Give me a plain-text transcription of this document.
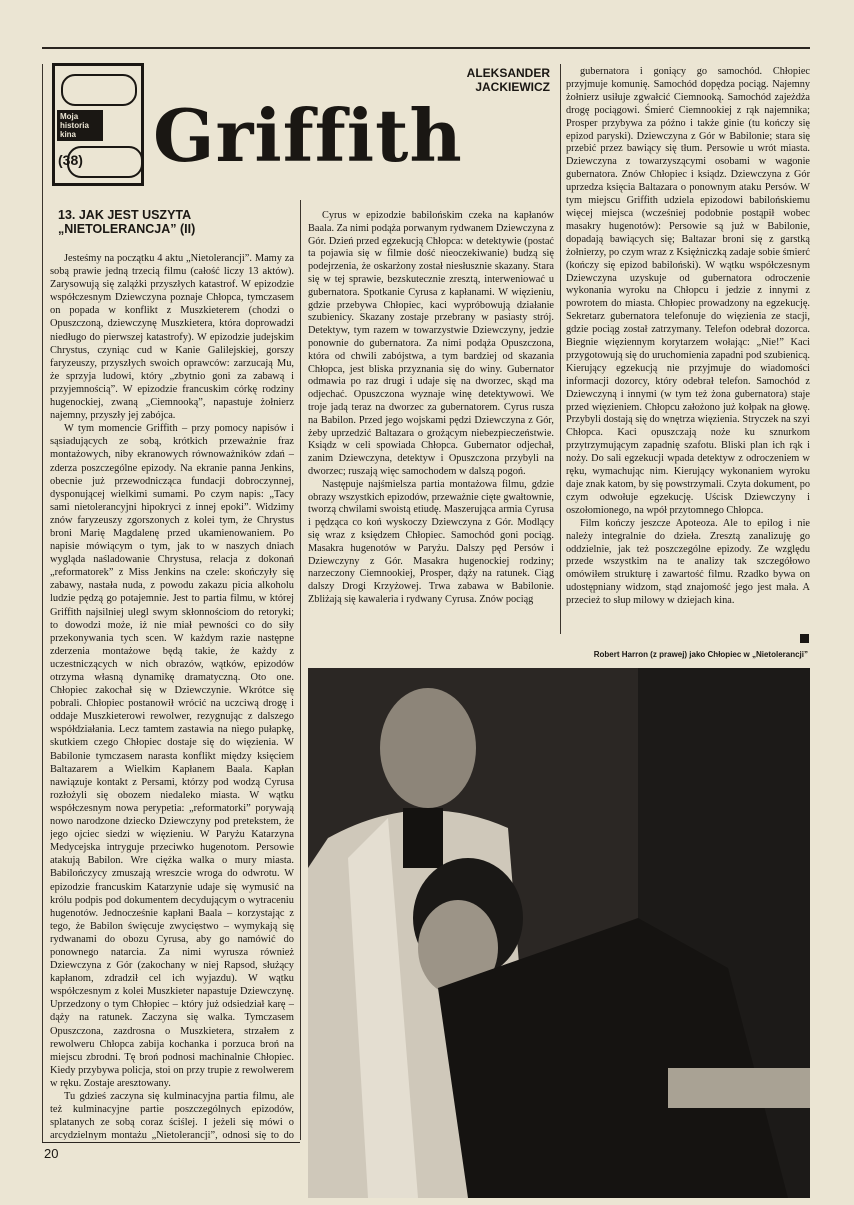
Moja historia kina
(38) Griffith
ALEKSANDER
JACKIEWICZ
13. JAK JEST USZYTA „NIETOLERANCJA” (II)

Jesteśmy na początku 4 aktu „Nietolerancji”. Mamy za sobą prawie jedną trzecią filmu (całość liczy 13 aktów). Zarysowują się zalążki przyszłych katastrof. W epizodzie współczesnym Dziewczyna poznaje Chłopca, tymczasem on popada w konflikt z Muszkieterem (chodzi o Opuszczoną, dziewczynę Muszkietera, która doprowadzi niedługo do pierwszej katastrofy). W epizodzie judejskim Chrystus, czyniąc cud w Kanie Galilejskiej, gorszy faryzeuszy, przyszłych swoich oprawców: zarzucają Mu, że sprzyja ludowi, który „zbytnio goni za zabawą i przyjemnością”. W epizodzie francuskim córkę rodziny hugenockiej, zwaną „Ciemnooką”, napastuje żołnierz najemny, przyszły jej zabójca.

W tym momencie Griffith – przy pomocy napisów i sąsiadujących ze sobą, krótkich przeważnie fraz montażowych, niby ekranowych równoważników zdań – zderza poszczególne epizody. Na ekranie panna Jenkins, obecnie już przewodnicząca fundacji dobroczynnej, dysponującej wielkimi sumami. Po czym napis: „Tacy sami nietolerancyjni hipokryci z innej epoki”. Widzimy znów faryzeuszy zgorszonych z kolei tym, że Chrystus broni Marię Magdalenę przed ukamienowaniem. Po napisie mówiącym o tym, jak to w naszych dniach wygląda naśladowanie Chrystusa, relacja z dokonań „reformatorek” z Miss Jenkins na czele: skończyły się zabawy, nastała nuda, z powodu zakazu picia alkoholu ludzie pędzą go potajemnie. Jest to partia filmu, w której Griffith najsilniej ulegl swym skłonnościom do retoryki; to dowodzi może, iż nie miał pewności co do siły przekonywania tych scen. W każdym razie następne zderzenia montażowe będą takie, że każdy z uczestniczących w nich obrazów, wątków, epizodów otrzyma własną dynamikę dramatyczną. Oto one. Chłopiec zakochał się w Dziewczynie. Wkrótce się pobrali. Chłopiec postanowił wrócić na uczciwą drogę i oddaje Muszkieterowi rewolwer, rezygnując z dalszego współdziałania. Lecz tamtem zastawia na niego pułapkę, skutkiem czego Chłopiec dostaje się do więzienia. W Babilonie tymczasem narasta konflikt między księciem Baltazarem a Wielkim Kapłanem Baala. Kapłan nawiązuje kontakt z Persami, którzy pod wodzą Cyrusa rozłożyli się obozem niedaleko miasta. W wątku współczesnym nowa perypetia: „reformatorki” porywają nowo narodzone dziecko Dziewczyny pod pretekstem, że jego ojciec siedzi w więzieniu. W Paryżu Katarzyna Medycejska intryguje przeciwko hugenotom. Persowie atakują Babilon. Wre ciężka walka o mury miasta. Babilończycy zmuszają wreszcie wroga do odwrotu. W epizodzie francuskim Katarzynie udaje się wymusić na królu podpis pod dokumentem decydującym o wytraceniu hugenotów. Jednocześnie kapłani Baala – korzystając z tego, że Babilon święcuje zwycięstwo – wymykają się rydwanami do obozu Cyrusa, aby go namówić do ponownego natarcia. Za nimi wyrusza również Dziewczyna z Gór (zakochany w niej Rapsod, służący kapłanom, zdradził cel ich wyjazdu). W wątku współczesnym z kolei Muszkieter napastuje Dziewczynę. Uprzedzony o tym Chłopiec – który już odsiedział karę – dąży na ratunek. Zaczyna się walka. Tymczasem Opuszczona, zazdrosna o Muszkietera, strzałem z rewolweru Chłopca zabija kochanka i porzuca broń na miejscu zbrodni. Tę broń podnosi machinalnie Chłopiec. Kiedy przybywa policja, stoi on przy trupie z rewolwerem w ręku. Zostaje aresztowany.

Tu gdzieś zaczyna się kulminacyjna partia filmu, ale też kulminacyjne partie poszczególnych epizodów, splatanych ze sobą coraz ściślej. I jeżeli się mówi o arcydzielnym montażu „Nietolerancji”, odnosi się to do

Cyrus w epizodzie babilońskim czeka na kapłanów Baala. Za nimi podąża porwanym rydwanem Dziewczyna z Gór. Dzień przed egzekucją Chłopca: w detektywie (postać ta pojawia się w filmie dość nieoczekiwanie) budzą się podejrzenia, że oskarżony został niesłusznie skazany. Stara się w tej sprawie, bezskutecznie zresztą, interweniować u gubernatora. Spotkanie Cyrusa z kapłanami. W więzieniu, gdzie przebywa Chłopiec, kaci wypróbowują działanie szubienicy. Skazany zostaje przebrany w pasiasty strój. Detektyw, tym razem w towarzystwie Dziewczyny, jedzie ponownie do gubernatora. Za nimi podąża Opuszczona, która od chwili zabójstwa, a tym bardziej od skazania Chłopca, jest bliska przyznania się do winy. Gubernator odmawia po raz drugi i udaje się na dworzec, skąd ma odjechać. Opuszczona wyznaje winę detektywowi. We troje jadą teraz na dworzec za gubernatorem. Cyrus rusza na Babilon. Przed jego wojskami pędzi Dziewczyna z Gór, żeby uprzedzić Baltazara o grożącym niebezpieczeństwie. Ksiądz w celi spowiada Chłopca. Gubernator odjechał, zanim Dziewczyna, detektyw i Opuszczona przybyli na dworzec; ruszają więc samochodem w dalszą pogoń.

Następuje najśmielsza partia montażowa filmu, gdzie obrazy wszystkich epizodów, przeważnie cięte gwałtownie, tworzą chwilami swoistą etiudę. Maszerująca armia Cyrusa i pędząca co koń wyskoczy Dziewczyna z Gór. Modlący się wraz z księdzem Chłopiec. Samochód goni pociąg. Masakra hugenotów w Paryżu. Dalszy pęd Persów i Dziewczyny z Gór. Masakra hugenockiej rodziny; narzeczony Ciemnookiej, Prosper, dąży na ratunek. Ciąg dalszy Drogi Krzyżowej. Trwa zabawa w Babilonie. Zbliżają się kawaleria i rydwany Cyrusa. Znów pociąg

gubernatora i goniący go samochód. Chłopiec przyjmuje komunię. Samochód dopędza pociąg. Najemny żołnierz usiłuje zgwałcić Ciemnooką. Samochód zajeżdża drogę pociągowi. Śmierć Ciemnookiej z rąk najemnika; Prosper przybywa za późno i także ginie (tu kończy się epizod paryski). Dziewczyna z Gór w Babilonie; stara się przebić przez bawiący się tłum. Persowie u wrót miasta. Dziewczyna z towarzyszącymi osobami w wagonie gubernatora. Znów Chłopiec i ksiądz. Dziewczyna z Gór uprzedza księcia Baltazara o ponownym ataku Persów. W tym miejscu Griffith udziela epizodowi babilońskiemu więcej miejsca (wcześniej podobnie postąpił wobec masakry hugenotów): Persowie są już w Babilonie, dopadają bawiących się; Baltazar broni się z garstką żołnierzy, po czym wraz z Księżniczką zadaje sobie śmierć (kończy się epizod babiloński). W wątku współczesnym Dziewczyna uzyskuje od gubernatora odroczenie wykonania wyroku na Chłopcu i jedzie z innymi z powrotem do miasta. Chłopiec prowadzony na egzekucję. Sekretarz gubernatora telefonuje do więzienia ze stacji, gdzie pociąg został zatrzymany. Telefon odebrał dozorca. Biegnie więziennym korytarzem wołając: „Nie!” Kaci przygotowują się do uruchomienia zapadni pod szubienicą. Kierujący egzekucją nie przyjmuje do wiadomości informacji dozorcy, który odebrał telefon. Samochód z Dziewczyną i innymi (w tym też żona gubernatora) staje przed więzieniem. Chłopcu założono już kołpak na głowę. Przybyli dostają się do wnętrza więzienia. Stryczek na szyi Chłopca. Kaci opuszczają noże ku sznurkom przytrzymującym zapadnię szafotu. Bliski plan ich rąk i noży. Do sali egzekucji wpada detektyw z odroczeniem w ręku, wymachując nim. Kierujący wykonaniem wyroku daje znak katom, by się powstrzymali. Czyta dokument, po czym odwołuje egzekucję. Uścisk Dziewczyny i oszołomionego, na wpół przytomnego Chłopca.

Film kończy jeszcze Apoteoza. Ale to epilog i nie należy integralnie do dzieła. Zresztą zanalizuję go oddzielnie, jak też poszczególne epizody. Ze względu przede wszystkim na te analizy tak szczegółowo omówiłem strukturę i zawartość filmu. Rzadko bywa on udostępniany widzom, stąd znajomość jego jest mała. A przecież to słup milowy w dziejach kina.

Robert Harron (z prawej) jako Chłopiec w „Nietolerancji”
20
